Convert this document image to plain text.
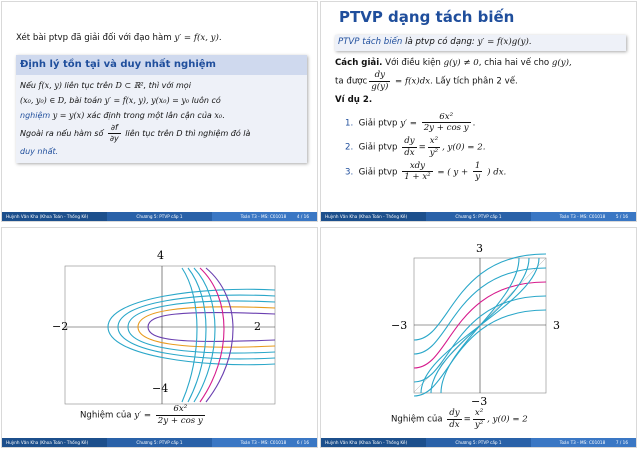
Xét bài ptvp đã giải đối với đạo hàm y′ = f(x, y).
Định lý tồn tại và duy nhất nghiệm
Nếu f(x, y) liên tục trên D ⊂ ℝ², thì với mọi
(x₀, y₀) ∈ D, bài toán y′ = f(x, y), y(x₀) = y₀ luôn có
nghiệm y = y(x) xác định trong một lân cận của x₀.
Ngoài ra nếu hàm số $\frac{\partial f}{\partial y}$ liên tục trên D thì nghiệm đó là
duy nhất.
Huỳnh Văn Kha (Khoa Toán - Thống Kê)	Chương 5: PTVP cấp 1	Toán T3 - MS: C01018	4 / 16
PTVP dạng tách biến
PTVP tách biến là ptvp có dạng: y′ = f(x)g(y).
Cách giải. Với điều kiện g(y) ≠ 0, chia hai vế cho g(y),
ta được $\frac{dy}{g(y)} = f(x)dx$. Lấy tích phân 2 vế.
Ví dụ 2.
1. Giải ptvp $y' = \frac{\text{6x²}}{\text{2y + cos y}}$ .
2. Giải ptvp $\frac{dy}{dx} = \frac{\text{x²}}{\text{y²}}$ , y(0) = 2.
3. Giải ptvp $\frac{\text{xdy}}{\text{1 + x²}}$ = ( $y + \frac{1}{y}$ ) dx.
Huỳnh Văn Kha (Khoa Toán - Thống Kê)	Chương 5: PTVP cấp 1	Toán T3 - MS: C01018	5 / 16
4
−4
−2	2
Nghiệm của $y' = \frac{\text{6x²}}{\text{2y + cos y}}$
Huỳnh Văn Kha (Khoa Toán - Thống Kê)	Chương 5: PTVP cấp 1	Toán T3 - MS: C01018	6 / 16
3
−3
−3	3
Nghiệm của $\frac{dy}{dx} = \frac{\text{x²}}{\text{y²}}$ , y(0) = 2
Huỳnh Văn Kha (Khoa Toán - Thống Kê)	Chương 5: PTVP cấp 1	Toán T3 - MS: C01018	7 / 16
